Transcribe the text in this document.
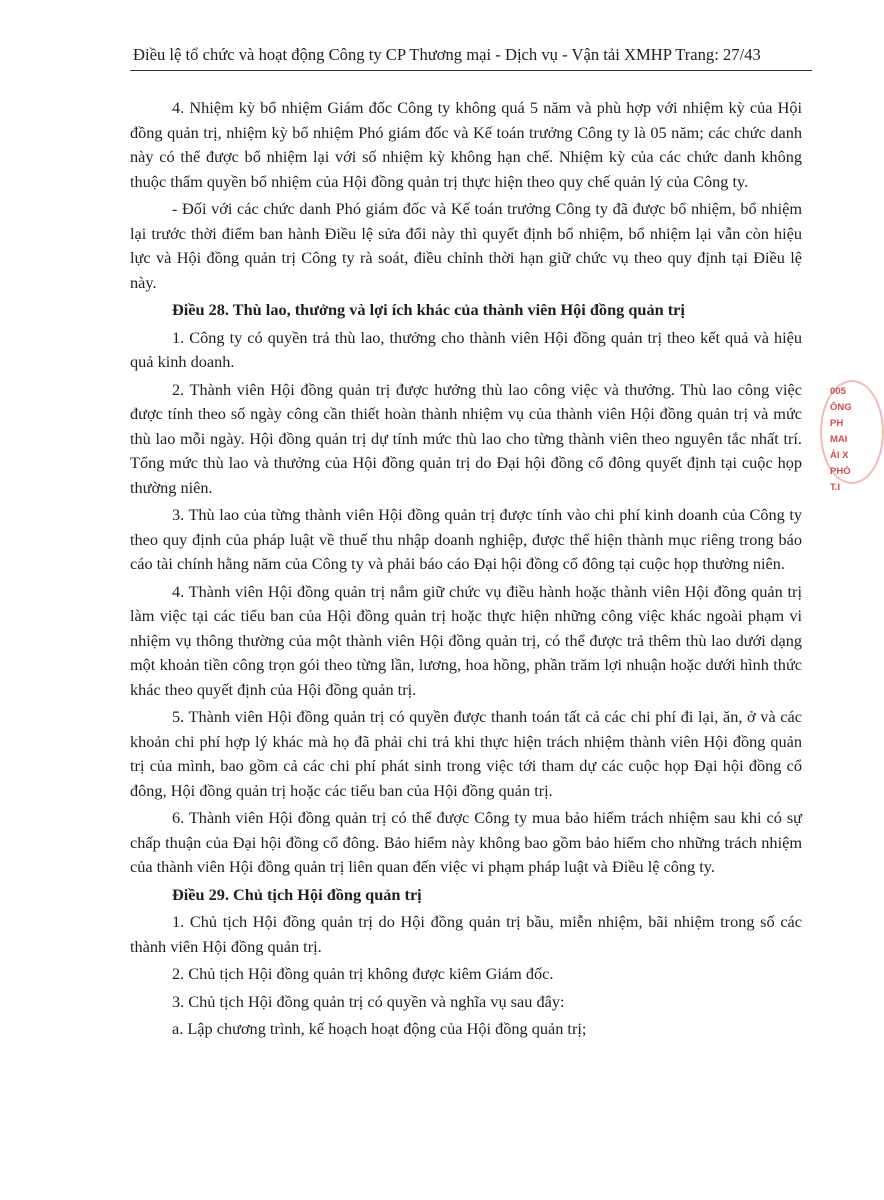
Điều lệ tổ chức và hoạt động Công ty CP Thương mại - Dịch vụ - Vận tải XMHP Trang: 27/43

4. Nhiệm kỳ bổ nhiệm Giám đốc Công ty không quá 5 năm và phù hợp với nhiệm kỳ của Hội đồng quản trị, nhiệm kỳ bổ nhiệm Phó giám đốc và Kế toán trưởng Công ty là 05 năm; các chức danh này có thể được bổ nhiệm lại với số nhiệm kỳ không hạn chế. Nhiệm kỳ của các chức danh không thuộc thẩm quyền bổ nhiệm của Hội đồng quản trị thực hiện theo quy chế quản lý của Công ty.

- Đối với các chức danh Phó giám đốc và Kế toán trưởng Công ty đã được bổ nhiệm, bổ nhiệm lại trước thời điểm ban hành Điều lệ sửa đổi này thì quyết định bổ nhiệm, bổ nhiệm lại vẫn còn hiệu lực và Hội đồng quản trị Công ty rà soát, điều chỉnh thời hạn giữ chức vụ theo quy định tại Điều lệ này.

Điều 28. Thù lao, thưởng và lợi ích khác của thành viên Hội đồng quản trị

1. Công ty có quyền trả thù lao, thưởng cho thành viên Hội đồng quản trị theo kết quả và hiệu quả kinh doanh.

2. Thành viên Hội đồng quản trị được hưởng thù lao công việc và thưởng. Thù lao công việc được tính theo số ngày công cần thiết hoàn thành nhiệm vụ của thành viên Hội đồng quản trị và mức thù lao mỗi ngày. Hội đồng quản trị dự tính mức thù lao cho từng thành viên theo nguyên tắc nhất trí. Tổng mức thù lao và thưởng của Hội đồng quản trị do Đại hội đồng cổ đông quyết định tại cuộc họp thường niên.

3. Thù lao của từng thành viên Hội đồng quản trị được tính vào chi phí kinh doanh của Công ty theo quy định của pháp luật về thuế thu nhập doanh nghiệp, được thể hiện thành mục riêng trong báo cáo tài chính hằng năm của Công ty và phải báo cáo Đại hội đồng cổ đông tại cuộc họp thường niên.

4. Thành viên Hội đồng quản trị nắm giữ chức vụ điều hành hoặc thành viên Hội đồng quản trị làm việc tại các tiểu ban của Hội đồng quản trị hoặc thực hiện những công việc khác ngoài phạm vi nhiệm vụ thông thường của một thành viên Hội đồng quản trị, có thể được trả thêm thù lao dưới dạng một khoản tiền công trọn gói theo từng lần, lương, hoa hồng, phần trăm lợi nhuận hoặc dưới hình thức khác theo quyết định của Hội đồng quản trị.

5. Thành viên Hội đồng quản trị có quyền được thanh toán tất cả các chi phí đi lại, ăn, ở và các khoản chi phí hợp lý khác mà họ đã phải chi trả khi thực hiện trách nhiệm thành viên Hội đồng quản trị của mình, bao gồm cả các chi phí phát sinh trong việc tới tham dự các cuộc họp Đại hội đồng cổ đông, Hội đồng quản trị hoặc các tiểu ban của Hội đồng quản trị.

6. Thành viên Hội đồng quản trị có thể được Công ty mua bảo hiểm trách nhiệm sau khi có sự chấp thuận của Đại hội đồng cổ đông. Bảo hiểm này không bao gồm bảo hiểm cho những trách nhiệm của thành viên Hội đồng quản trị liên quan đến việc vi phạm pháp luật và Điều lệ công ty.

Điều 29. Chủ tịch Hội đồng quản trị

1. Chủ tịch Hội đồng quản trị do Hội đồng quản trị bầu, miễn nhiệm, bãi nhiệm trong số các thành viên Hội đồng quản trị.

2. Chủ tịch Hội đồng quản trị không được kiêm Giám đốc.

3. Chủ tịch Hội đồng quản trị có quyền và nghĩa vụ sau đây:

a. Lập chương trình, kế hoạch hoạt động của Hội đồng quản trị;

005
ÔNG
PH
MAI
ẢI X
PHÒ
T.I
